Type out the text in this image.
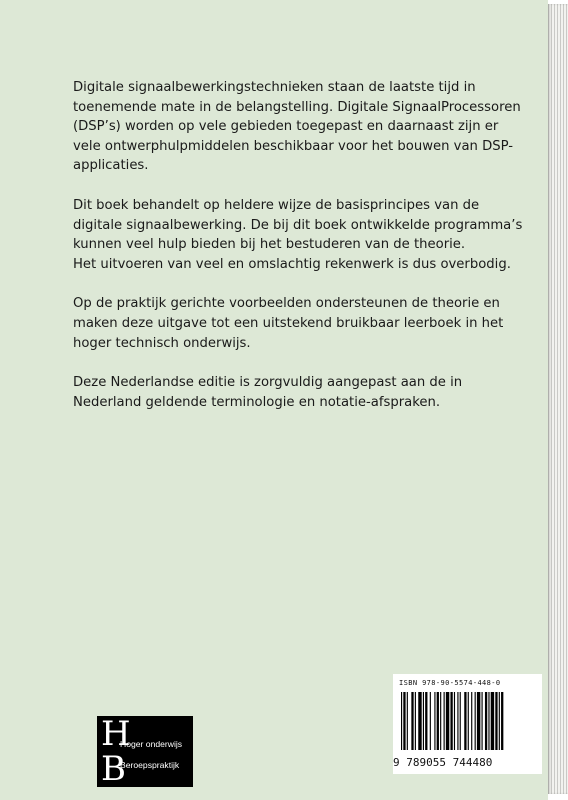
Digitale signaalbewerkingstechnieken staan de laatste tijd in
toenemende mate in de belangstelling. Digitale SignaalProcessoren
(DSP’s) worden op vele gebieden toegepast en daarnaast zijn er
vele ontwerphulpmiddelen beschikbaar voor het bouwen van DSP-
applicaties.

Dit boek behandelt op heldere wijze de basisprincipes van de
digitale signaalbewerking. De bij dit boek ontwikkelde programma’s
kunnen veel hulp bieden bij het bestuderen van de theorie.
Het uitvoeren van veel en omslachtig rekenwerk is dus overbodig.

Op de praktijk gerichte voorbeelden ondersteunen de theorie en
maken deze uitgave tot een uitstekend bruikbaar leerboek in het
hoger technisch onderwijs.

Deze Nederlandse editie is zorgvuldig aangepast aan de in
Nederland geldende terminologie en notatie-afspraken.

H
B
Hoger onderwijs
Beroepspraktijk
ISBN 978-90-5574-448-0
9 789055 744480
